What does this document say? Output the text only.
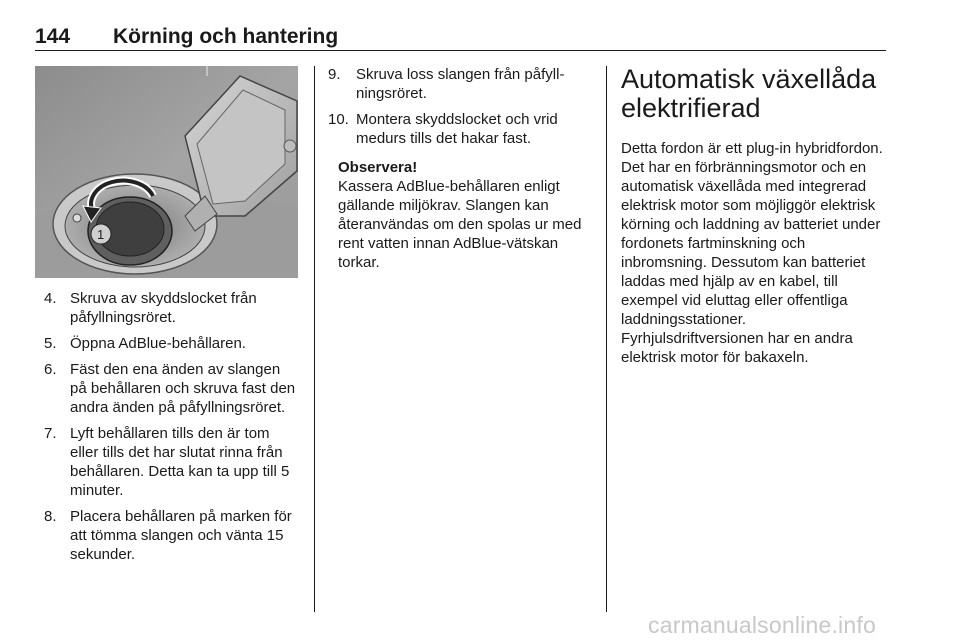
144 Körning och hantering
1
4. Skruva av skyddslocket från påfyllningsröret.
5. Öppna AdBlue-behållaren.
6. Fäst den ena änden av slangen på behållaren och skruva fast den andra änden på påfyllningsröret.
7. Lyft behållaren tills den är tom eller tills det har slutat rinna från behållaren. Detta kan ta upp till 5 minuter.
8. Placera behållaren på marken för att tömma slangen och vänta 15 sekunder.
9. Skruva loss slangen från påfyllningsröret.
10. Montera skyddslocket och vrid medurs tills det hakar fast.
Observera!
Kassera AdBlue-behållaren enligt gällande miljökrav. Slangen kan återanvändas om den spolas ur med rent vatten innan AdBlue-vätskan torkar.
Automatisk växellåda elektrifierad

Detta fordon är ett plug-in hybridfordon. Det har en förbränningsmotor och en automatisk växellåda med integrerad elektrisk motor som möjliggör elektrisk körning och laddning av batteriet under fordonets fartminskning och inbromsning. Dessutom kan batteriet laddas med hjälp av en kabel, till exempel vid eluttag eller offentliga laddningsstationer. Fyrhjulsdriftversionen har en andra elektrisk motor för bakaxeln.

carmanualsonline.info
